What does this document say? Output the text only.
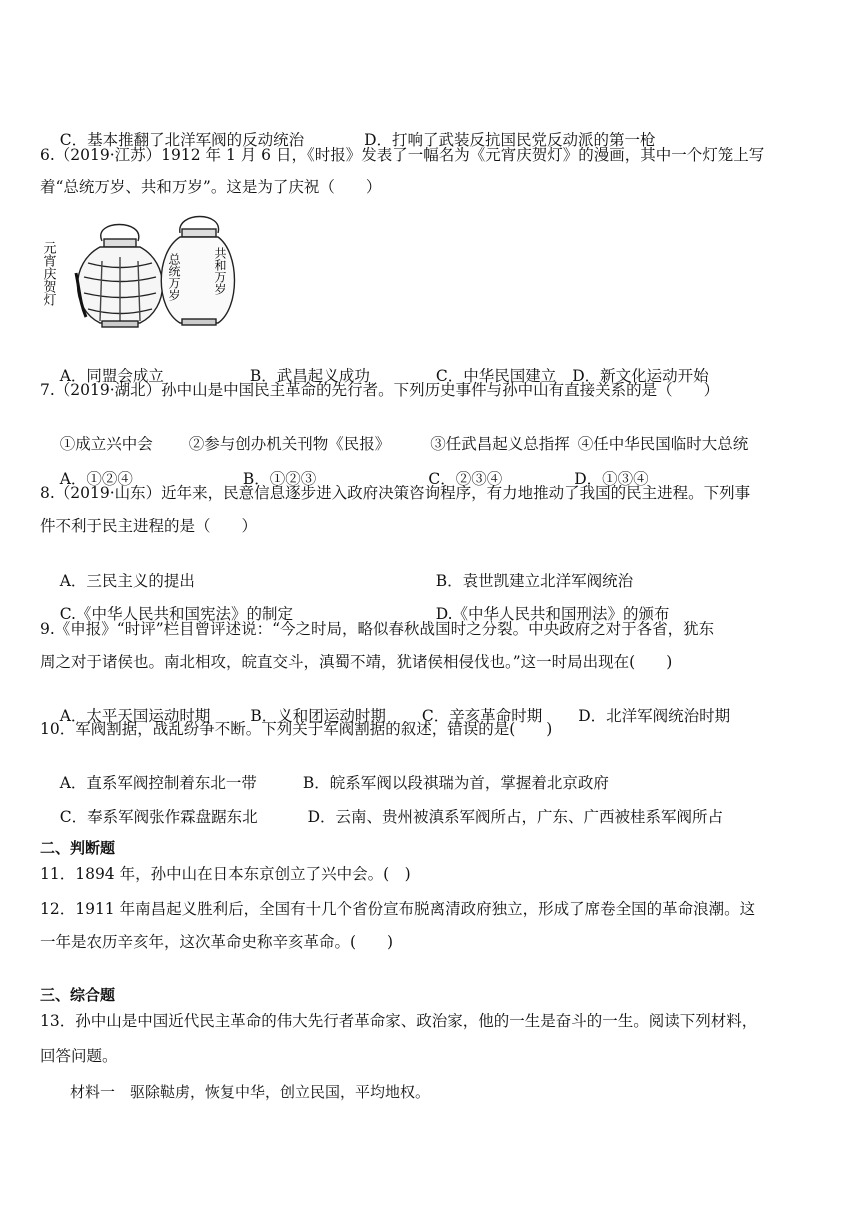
C．基本推翻了北洋军阀的反动统治	D．打响了武装反抗国民党反动派的第一枪

6.（2019·江苏）1912 年 1 月 6 日，《时报》发表了一幅名为《元宵庆贺灯》的漫画，其中一个灯笼上写
着“总统万岁、共和万岁”。这是为了庆祝（　　）
元宵庆贺灯	共和万岁
总统万岁

A．同盟会成立	B．武昌起义成功	C．中华民国建立 D．新文化运动开始

7.（2019·湖北）孙中山是中国民主革命的先行者。下列历史事件与孙中山有直接关系的是（　　）

①成立兴中会 ②参与创办机关刊物《民报》	③任武昌起义总指挥 ④任中华民国临时大总统

A．①②④	B．①②③	C．②③④	D．①③④

8.（2019·山东）近年来，民意信息逐步进入政府决策咨询程序，有力地推动了我国的民主进程。下列事
件不利于民主进程的是（　　）

A．三民主义的提出	B．袁世凯建立北洋军阀统治

C.《中华人民共和国宪法》的制定	D.《中华人民共和国刑法》的颁布

9.《申报》“时评”栏目曾评述说：“今之时局，略似春秋战国时之分裂。中央政府之对于各省，犹东
周之对于诸侯也。南北相攻，皖直交斗，滇蜀不靖，犹诸侯相侵伐也。”这一时局出现在(　　)

A．太平天国运动时期	B．义和团运动时期 C．辛亥革命时期 D．北洋军阀统治时期

10．军阀割据，战乱纷争不断。下列关于军阀割据的叙述，错误的是(　　)

A．直系军阀控制着东北一带	B．皖系军阀以段祺瑞为首，掌握着北京政府

C．奉系军阀张作霖盘踞东北	D．云南、贵州被滇系军阀所占，广东、广西被桂系军阀所占

二、判断题
11．1894 年，孙中山在日本东京创立了兴中会。(　)
12．1911 年南昌起义胜利后，全国有十几个省份宣布脱离清政府独立，形成了席卷全国的革命浪潮。这
一年是农历辛亥年，这次革命史称辛亥革命。(　　)
三、综合题
13．孙中山是中国近代民主革命的伟大先行者革命家、政治家，他的一生是奋斗的一生。阅读下列材料，
回答问题。
材料一　驱除鞑虏，恢复中华，创立民国，平均地权。
